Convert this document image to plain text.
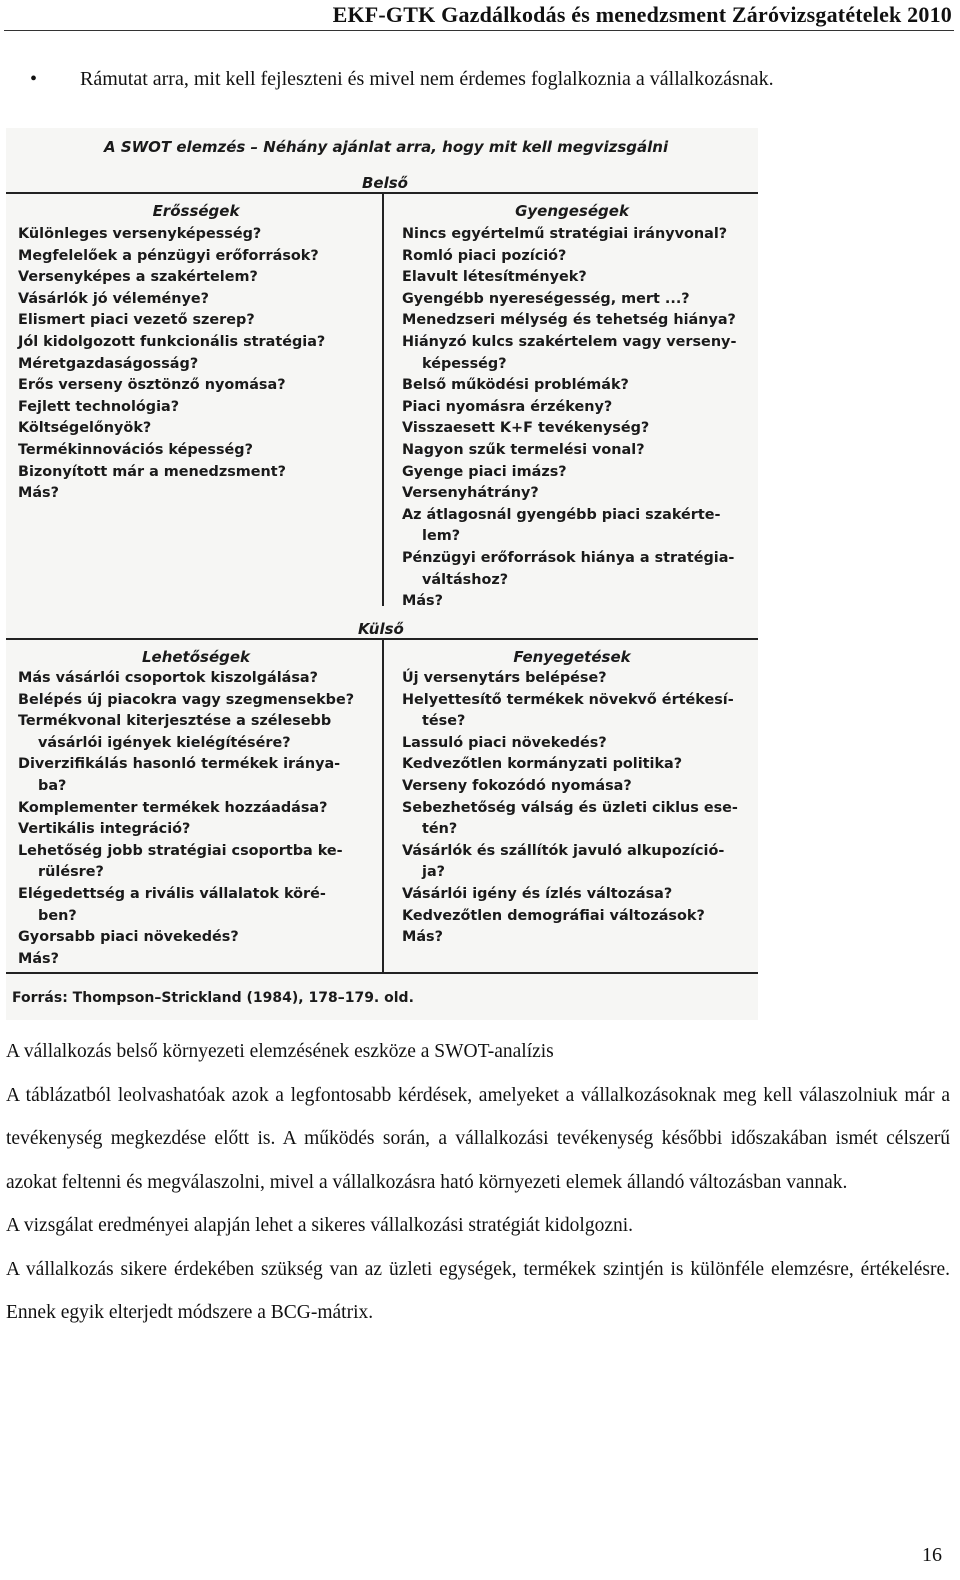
EKF-GTK Gazdálkodás és menedzsment Záróvizsgatételek 2010
• Rámutat arra, mit kell fejleszteni és mivel nem érdemes foglalkoznia a vállalkozásnak.
A SWOT elemzés – Néhány ajánlat arra, hogy mit kell megvizsgálni
Belső
Erősségek	Gyengeségek
Különleges versenyképesség?
Megfelelőek a pénzügyi erőforrások?
Versenyképes a szakértelem?
Vásárlók jó véleménye?
Elismert piaci vezető szerep?
Jól kidolgozott funkcionális stratégia?
Méretgazdaságosság?
Erős verseny ösztönző nyomása?
Fejlett technológia?
Költségelőnyök?
Termékinnovációs képesség?
Bizonyított már a menedzsment?
Más?
Nincs egyértelmű stratégiai irányvonal?
Romló piaci pozíció?
Elavult létesítmények?
Gyengébb nyereségesség, mert ...?
Menedzseri mélység és tehetség hiánya?
Hiányzó kulcs szakértelem vagy verseny-
képesség?
Belső működési problémák?
Piaci nyomásra érzékeny?
Visszaesett K+F tevékenység?
Nagyon szűk termelési vonal?
Gyenge piaci imázs?
Versenyhátrány?
Az átlagosnál gyengébb piaci szakérte-
lem?
Pénzügyi erőforrások hiánya a stratégia-
váltáshoz?
Más?
Külső
Lehetőségek	Fenyegetések
Más vásárlói csoportok kiszolgálása?
Belépés új piacokra vagy szegmensekbe?
Termékvonal kiterjesztése a szélesebb
vásárlói igények kielégítésére?
Diverzifikálás hasonló termékek iránya-
ba?
Komplementer termékek hozzáadása?
Vertikális integráció?
Lehetőség jobb stratégiai csoportba ke-
rülésre?
Elégedettség a rivális vállalatok köré-
ben?
Gyorsabb piaci növekedés?
Más?
Új versenytárs belépése?
Helyettesítő termékek növekvő értékesí-
tése?
Lassuló piaci növekedés?
Kedvezőtlen kormányzati politika?
Verseny fokozódó nyomása?
Sebezhetőség válság és üzleti ciklus ese-
tén?
Vásárlók és szállítók javuló alkupozíció-
ja?
Vásárlói igény és ízlés változása?
Kedvezőtlen demográfiai változások?
Más?
Forrás: Thompson–Strickland (1984), 178–179. old.

A vállalkozás belső környezeti elemzésének eszköze a SWOT-analízis

A táblázatból leolvashatóak azok a legfontosabb kérdések, amelyeket a vállalkozásoknak meg kell válaszolniuk már a tevékenység megkezdése előtt is. A működés során, a vállalkozási tevékenység későbbi időszakában ismét célszerű azokat feltenni és megválaszolni, mivel a vállalkozásra ható környezeti elemek állandó változásban vannak.

A vizsgálat eredményei alapján lehet a sikeres vállalkozási stratégiát kidolgozni.

A vállalkozás sikere érdekében szükség van az üzleti egységek, termékek szintjén is különféle elemzésre, értékelésre. Ennek egyik elterjedt módszere a BCG-mátrix.

16
